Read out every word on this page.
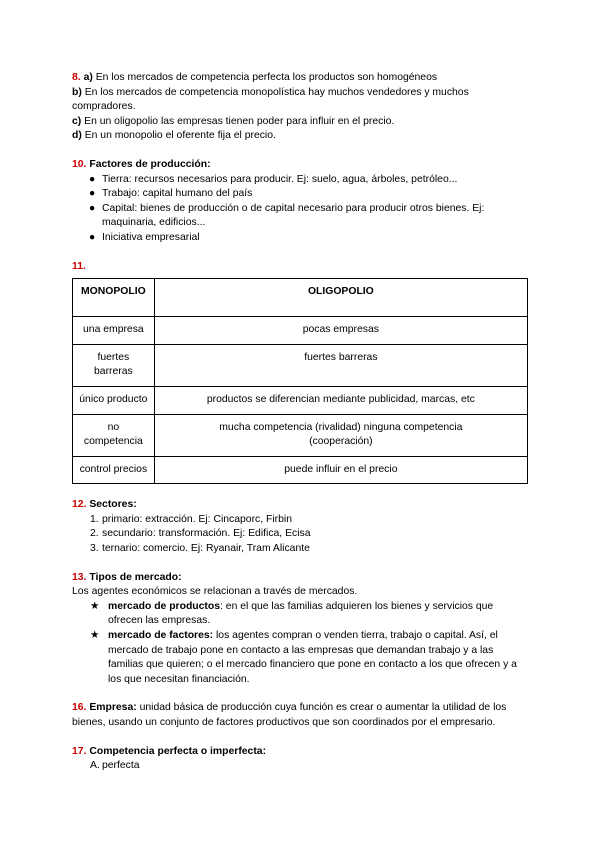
8. a) En los mercados de competencia perfecta los productos son homogéneos

b) En los mercados de competencia monopolística hay muchos vendedores y muchos compradores.

c) En un oligopolio las empresas tienen poder para influir en el precio.

d) En un monopolio el oferente fija el precio.

10. Factores de producción:

● Tierra: recursos necesarios para producir. Ej: suelo, agua, árboles, petróleo...
● Trabajo: capital humano del país
● Capital: bienes de producción o de capital necesario para producir otros bienes. Ej: maquinaria, edificios...
● Iniciativa empresarial

11.

MONOPOLIO	OLIGOPOLIO
una empresa	pocas empresas
fuertes barreras	fuertes barreras
único producto	productos se diferencian mediante publicidad, marcas, etc
no competencia	mucha competencia (rivalidad) ninguna competencia (cooperación)
control precios	puede influir en el precio

12. Sectores:

1. primario: extracción. Ej: Cincaporc, Firbin
2. secundario: transformación. Ej: Edifica, Ecisa
3. ternario: comercio. Ej: Ryanair, Tram Alicante

13. Tipos de mercado:

Los agentes económicos se relacionan a través de mercados.

★ mercado de productos: en el que las familias adquieren los bienes y servicios que ofrecen las empresas.
★ mercado de factores: los agentes compran o venden tierra, trabajo o capital. Así, el mercado de trabajo pone en contacto a las empresas que demandan trabajo y a las familias que quieren; o el mercado financiero que pone en contacto a los que ofrecen y a los que necesitan financiación.

16. Empresa: unidad básica de producción cuya función es crear o aumentar la utilidad de los bienes, usando un conjunto de factores productivos que son coordinados por el empresario.

17. Competencia perfecta o imperfecta:

A. perfecta
